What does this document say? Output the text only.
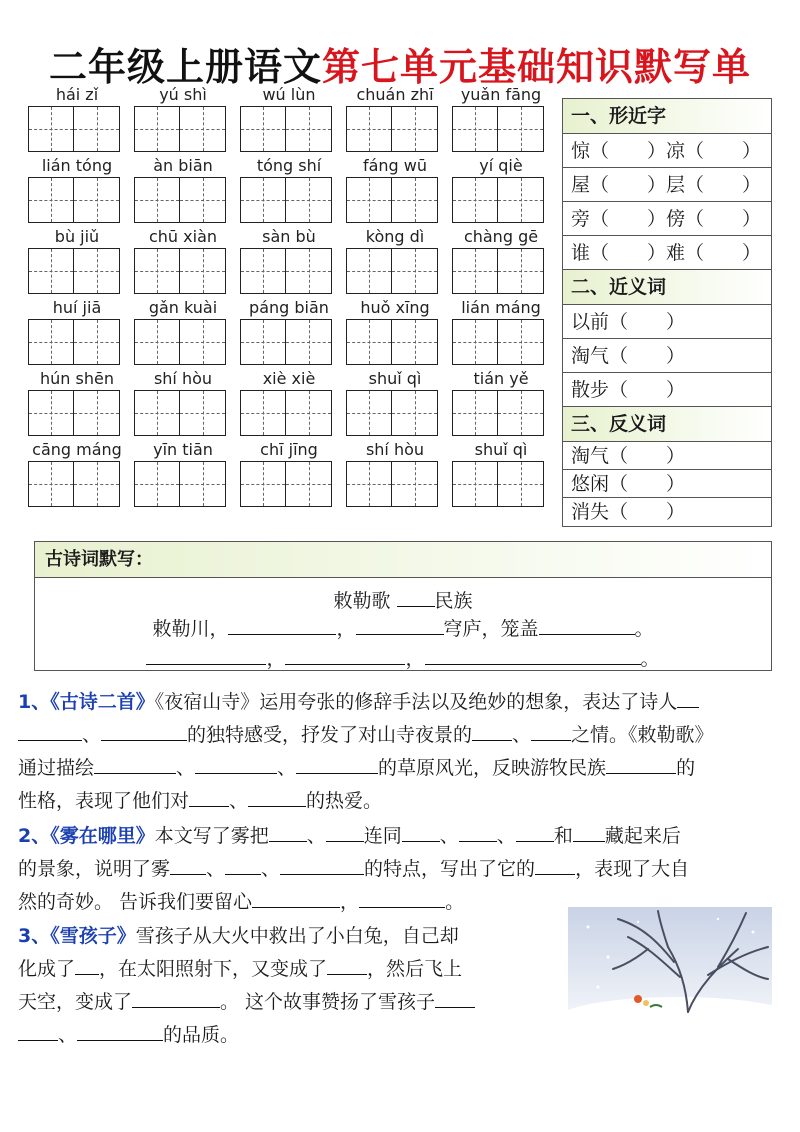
二年级上册语文第七单元基础知识默写单
hái zǐ	yú shì	wú lùn	chuán zhī	yuǎn fāng
lián tóng	àn biān	tóng shí	fáng wū	yí qiè
bù jiǔ	chū xiàn	sàn bù	kòng dì	chàng gē
huí jiā	gǎn kuài	páng biān	huǒ xīng	lián máng
hún shēn	shí hòu	xiè xiè	shuǐ qì	tián yě
cāng máng	yīn tiān	chī jīng	shí hòu	shuǐ qì
一、形近字
惊（　　）凉（　　）
屋（　　）层（　　）
旁（　　）傍（　　）
谁（　　）难（　　）
二、近义词
以前（　　）
淘气（　　）
散步（　　）
三、反义词
淘气（　　）
悠闲（　　）
消失（　　）
古诗词默写：
敕勒歌 民族
敕勒川，	，	穹庐，笼盖	。
，	，	。
1、《古诗二首》《夜宿山寺》运用夸张的修辞手法以及绝妙的想象，表达了诗人
、	的独特感受，抒发了对山寺夜景的 、 之情。《敕勒歌》
通过描绘	、	、	的草原风光，反映游牧民族	的
性格，表现了他们对 、	的热爱。
2、《雾在哪里》本文写了雾把 、 连同 、 、 和 藏起来后
的景象，说明了雾 、 、	的特点，写出了它的 ，表现了大自
然的奇妙。 告诉我们要留心	，	。
3、《雪孩子》雪孩子从大火中救出了小白兔，自己却
化成了 ，在太阳照射下，又变成了 ，然后飞上
天空，变成了	。 这个故事赞扬了雪孩子
、	的品质。
